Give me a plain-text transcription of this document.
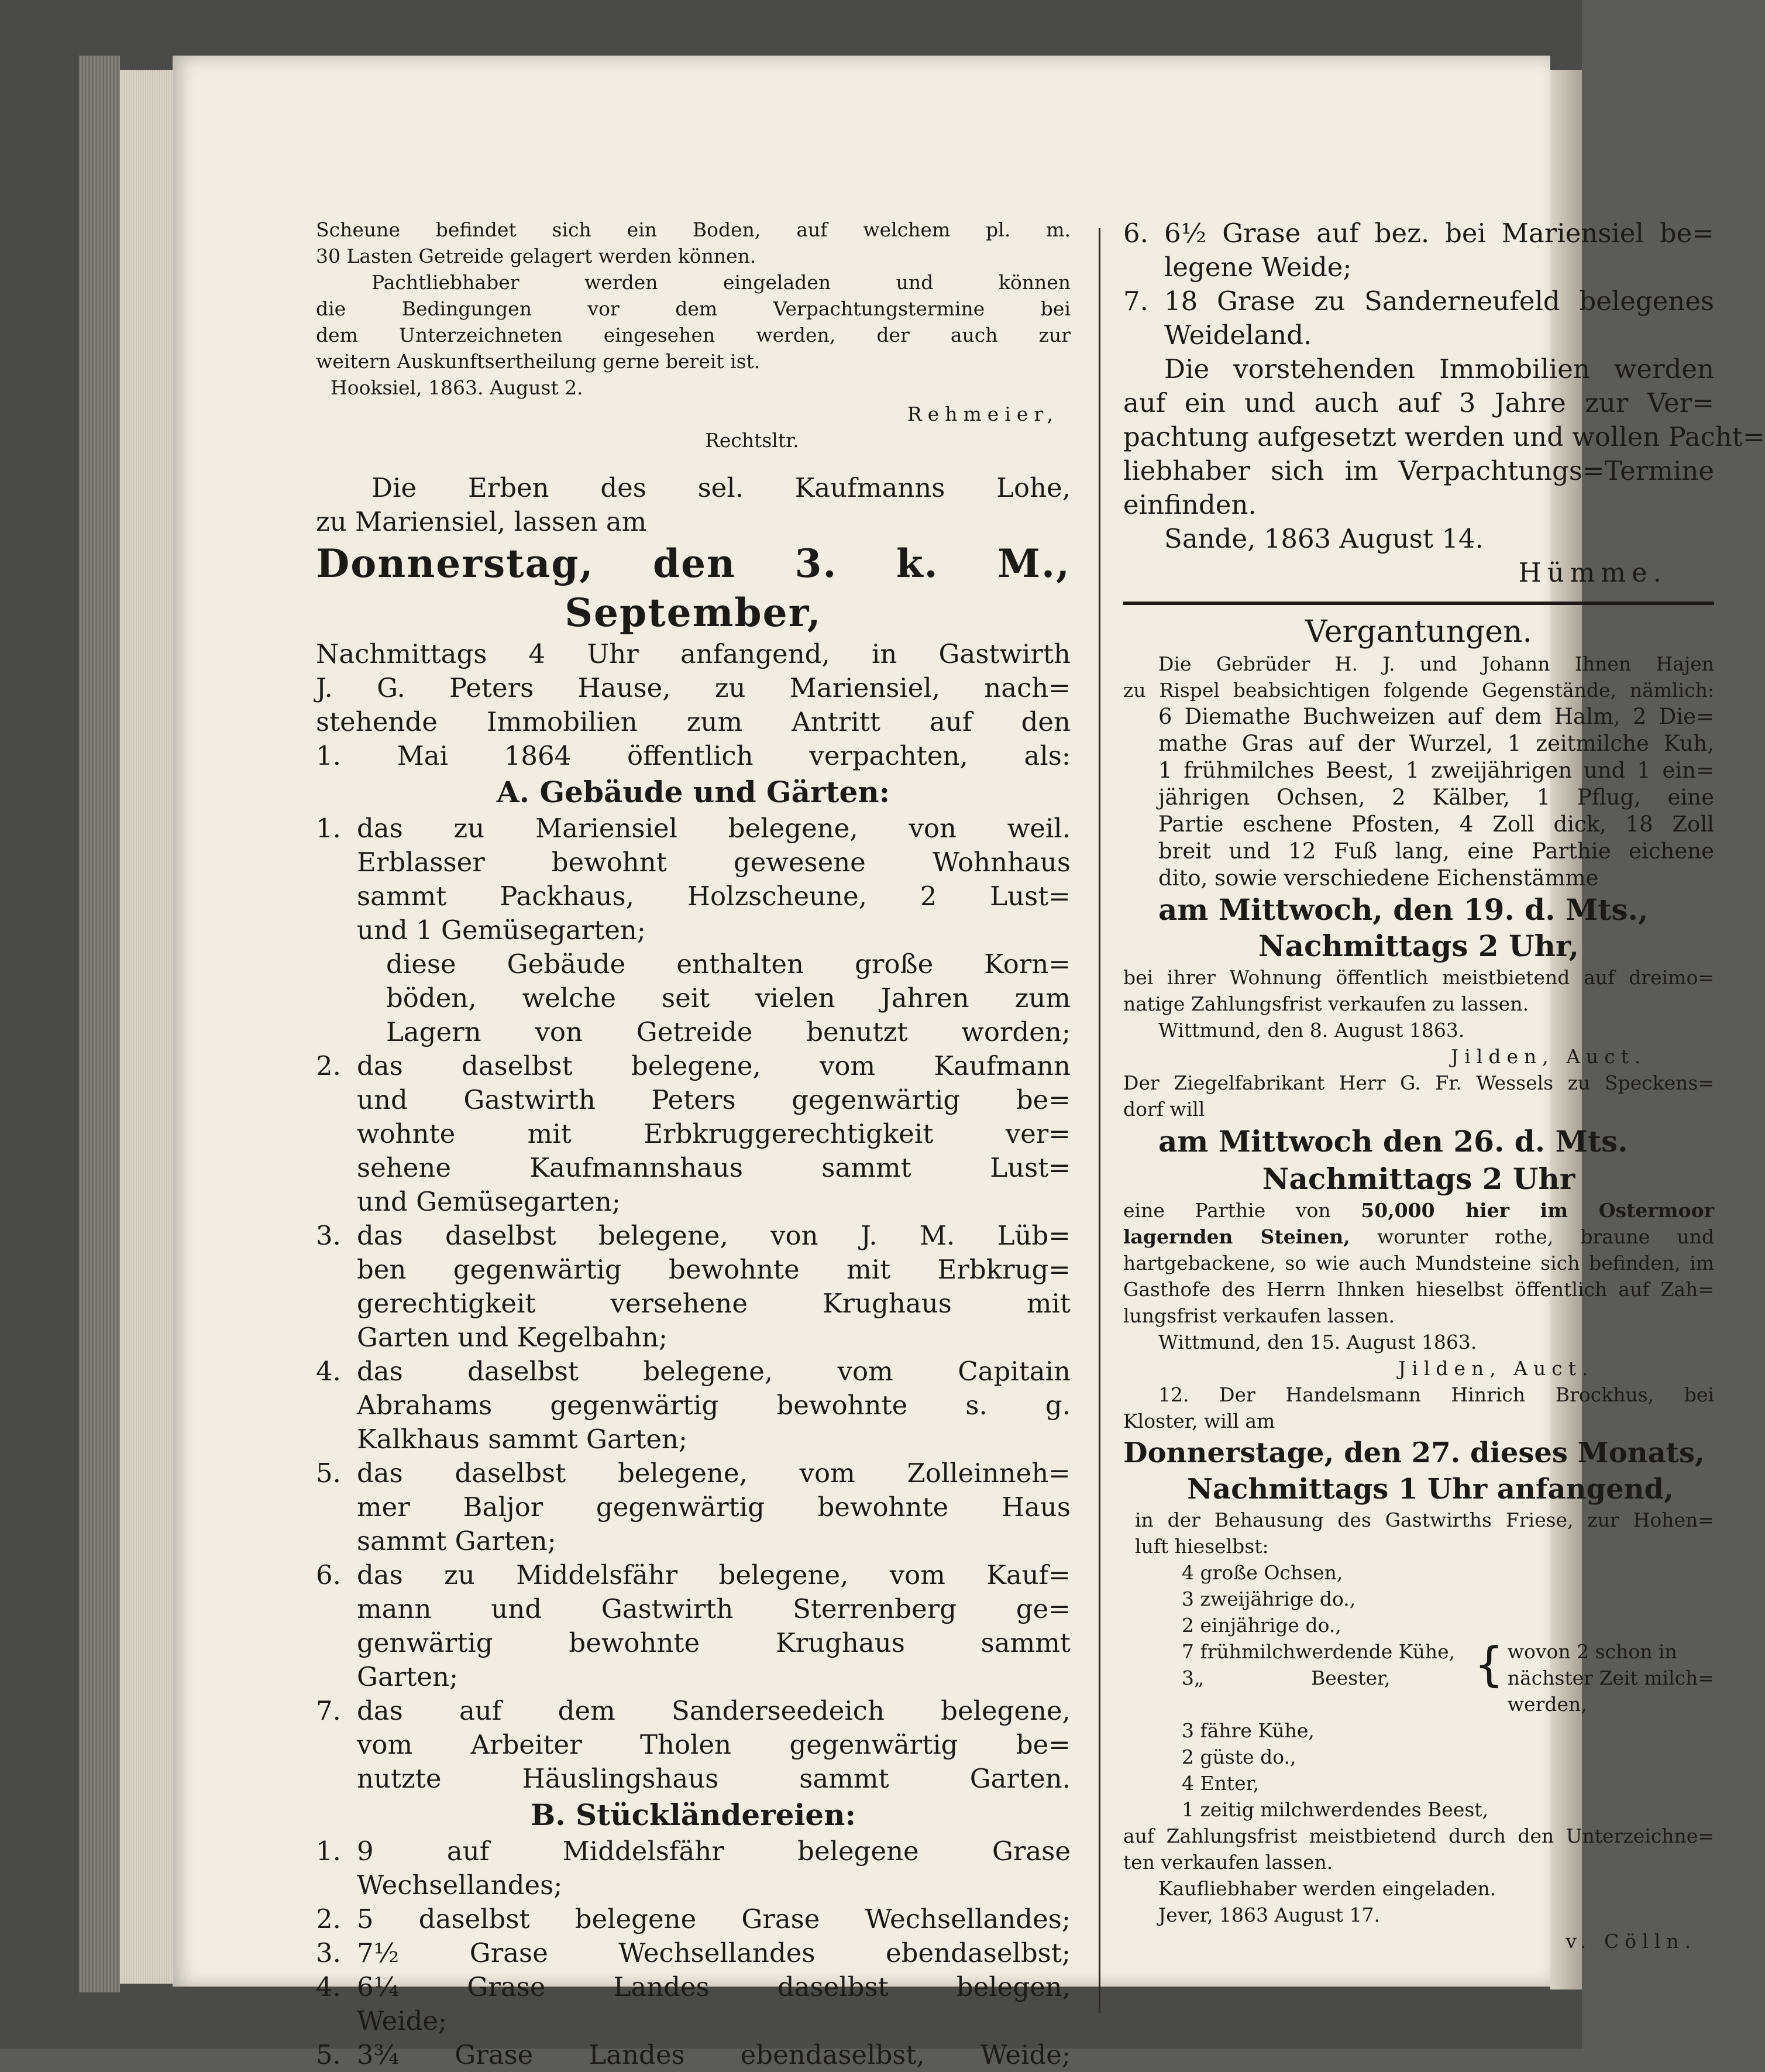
Scheune befindet sich ein Boden, auf welchem pl. m.
30 Lasten Getreide gelagert werden können.
Pachtliebhaber werden eingeladen und können
die Bedingungen vor dem Verpachtungstermine bei
dem Unterzeichneten eingesehen werden, der auch zur
weitern Auskunftsertheilung gerne bereit ist.
Hooksiel, 1863. August 2.
Rehmeier,
Rechtsltr.
Die Erben des sel. Kaufmanns Lohe,
zu Mariensiel, lassen am
Donnerstag, den 3. k. M.,
September,
Nachmittags 4 Uhr anfangend, in Gastwirth
J. G. Peters Hause, zu Mariensiel, nach=
stehende Immobilien zum Antritt auf den
1. Mai 1864 öffentlich verpachten, als:
A. Gebäude und Gärten:
1. das zu Mariensiel belegene, von weil.
Erblasser bewohnt gewesene Wohnhaus
sammt Packhaus, Holzscheune, 2 Lust=
und 1 Gemüsegarten;
diese Gebäude enthalten große Korn=
böden, welche seit vielen Jahren zum
Lagern von Getreide benutzt worden;
2. das daselbst belegene, vom Kaufmann
und Gastwirth Peters gegenwärtig be=
wohnte mit Erbkruggerechtigkeit ver=
sehene Kaufmannshaus sammt Lust=
und Gemüsegarten;
3. das daselbst belegene, von J. M. Lüb=
ben gegenwärtig bewohnte mit Erbkrug=
gerechtigkeit versehene Krughaus mit
Garten und Kegelbahn;
4. das daselbst belegene, vom Capitain
Abrahams gegenwärtig bewohnte s. g.
Kalkhaus sammt Garten;
5. das daselbst belegene, vom Zolleinneh=
mer Baljor gegenwärtig bewohnte Haus
sammt Garten;
6. das zu Middelsfähr belegene, vom Kauf=
mann und Gastwirth Sterrenberg ge=
genwärtig bewohnte Krughaus sammt
Garten;
7. das auf dem Sanderseedeich belegene,
vom Arbeiter Tholen gegenwärtig be=
nutzte Häuslingshaus sammt Garten.
B. Stückländereien:
1. 9 auf Middelsfähr belegene Grase
Wechsellandes;
2. 5 daselbst belegene Grase Wechsellandes;
3. 7½ Grase Wechsellandes ebendaselbst;
4. 6¼ Grase Landes daselbst belegen,
Weide;
5. 3¾ Grase Landes ebendaselbst, Weide;
6. 6½ Grase auf bez. bei Mariensiel be=
legene Weide;
7. 18 Grase zu Sanderneufeld belegenes
Weideland.
Die vorstehenden Immobilien werden
auf ein und auch auf 3 Jahre zur Ver=
pachtung aufgesetzt werden und wollen Pacht=
liebhaber sich im Verpachtungs=Termine
einfinden.
Sande, 1863 August 14.
Hümme.
Vergantungen.
Die Gebrüder H. J. und Johann Ihnen Hajen
zu Rispel beabsichtigen folgende Gegenstände, nämlich:
6 Diemathe Buchweizen auf dem Halm, 2 Die=
mathe Gras auf der Wurzel, 1 zeitmilche Kuh,
1 frühmilches Beest, 1 zweijährigen und 1 ein=
jährigen Ochsen, 2 Kälber, 1 Pflug, eine
Partie eschene Pfosten, 4 Zoll dick, 18 Zoll
breit und 12 Fuß lang, eine Parthie eichene
dito, sowie verschiedene Eichenstämme
am Mittwoch, den 19. d. Mts.,
Nachmittags 2 Uhr,
bei ihrer Wohnung öffentlich meistbietend auf dreimo=
natige Zahlungsfrist verkaufen zu lassen.
Wittmund, den 8. August 1863.
Jilden, Auct.
Der Ziegelfabrikant Herr G. Fr. Wessels zu Speckens=
dorf will
am Mittwoch den 26. d. Mts.
Nachmittags 2 Uhr
eine Parthie von 50,000 hier im Ostermoor
lagernden Steinen, worunter rothe, braune und
hartgebackene, so wie auch Mundsteine sich befinden, im
Gasthofe des Herrn Ihnken hieselbst öffentlich auf Zah=
lungsfrist verkaufen lassen.
Wittmund, den 15. August 1863.
Jilden, Auct.
12. Der Handelsmann Hinrich Brockhus, bei
Kloster, will am
Donnerstage, den 27. dieses Monats,
Nachmittags 1 Uhr anfangend,
in der Behausung des Gastwirths Friese, zur Hohen=
luft hieselbst:
4 große Ochsen,
3 zweijährige do.,
2 einjährige do.,
7 frühmilchwerdende Kühe,
3„	Beester,	{ wovon 2 schon in
nächster Zeit milch=
werden,
3 fähre Kühe,
2 güste do.,
4 Enter,
1 zeitig milchwerdendes Beest,
auf Zahlungsfrist meistbietend durch den Unterzeichne=
ten verkaufen lassen.
Kaufliebhaber werden eingeladen.
Jever, 1863 August 17.
v. Cölln.
